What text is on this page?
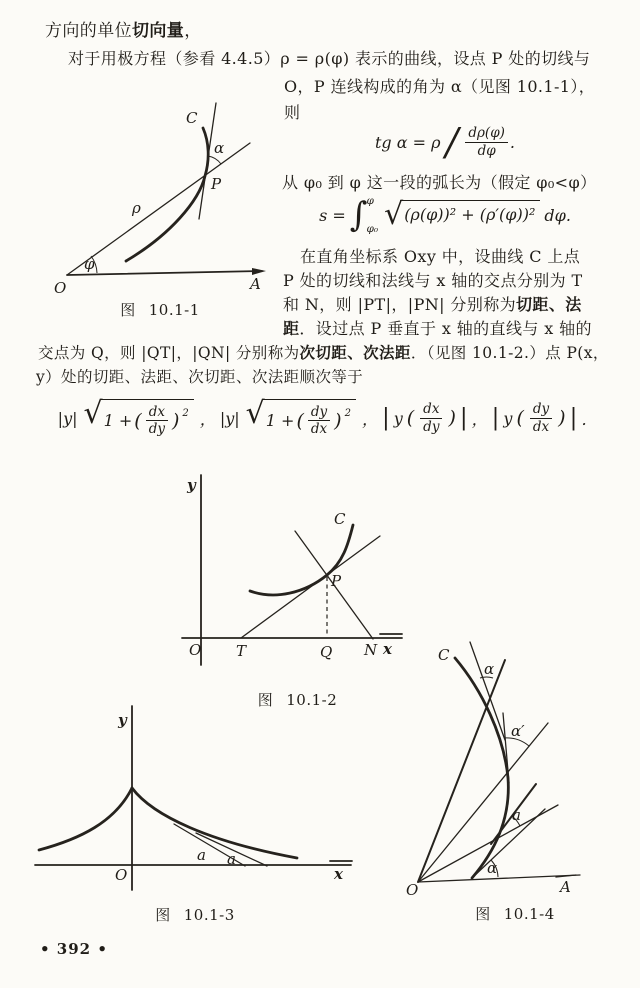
方向的单位切向量，
对于用极方程（参看 4.4.5）ρ = ρ(φ) 表示的曲线，设点 P 处的切线与
O，P 连线构成的角为 α（见图 10.1-1），
则
tg $\alpha = \rho / \frac{d\rho(\varphi)}{d\varphi}$ .
从 φ₀ 到 φ 这一段的弧长为（假定 φ₀<φ）
s = ∫ φ
φ₀ √ (ρ(φ))² + (ρ′(φ))² dφ.
在直角坐标系 Oxy 中，设曲线 C 上点
P 处的切线和法线与 x 轴的交点分别为 T
和 N，则 |PT|，|PN| 分别称为切距、法
距．设过点 P 垂直于 x 轴的直线与 x 轴的
交点为 Q，则 |QT|，|QN| 分别称为次切距、次法距．（见图 10.1-2.）点 P(x，
y）处的切距、法距、次切距、次法距顺次等于
|y| √ 1 + ( $\frac{dx}{dy}$ ) 2 ， |y| √ 1 + ( $\frac{dy}{dx}$ ) 2 ， | y ( $\frac{dx}{dy}$ ) | ， | y ( $\frac{dy}{dx}$ ) | ．
C
α
P
ρ
φ
O	A
图 10.1-1
y
C
P
O T	Q N x
图 10.1-2
y
O	x
a a
图 10.1-3
C
α
α′
a
α
O	A
图 10.1-4
• 392 •
